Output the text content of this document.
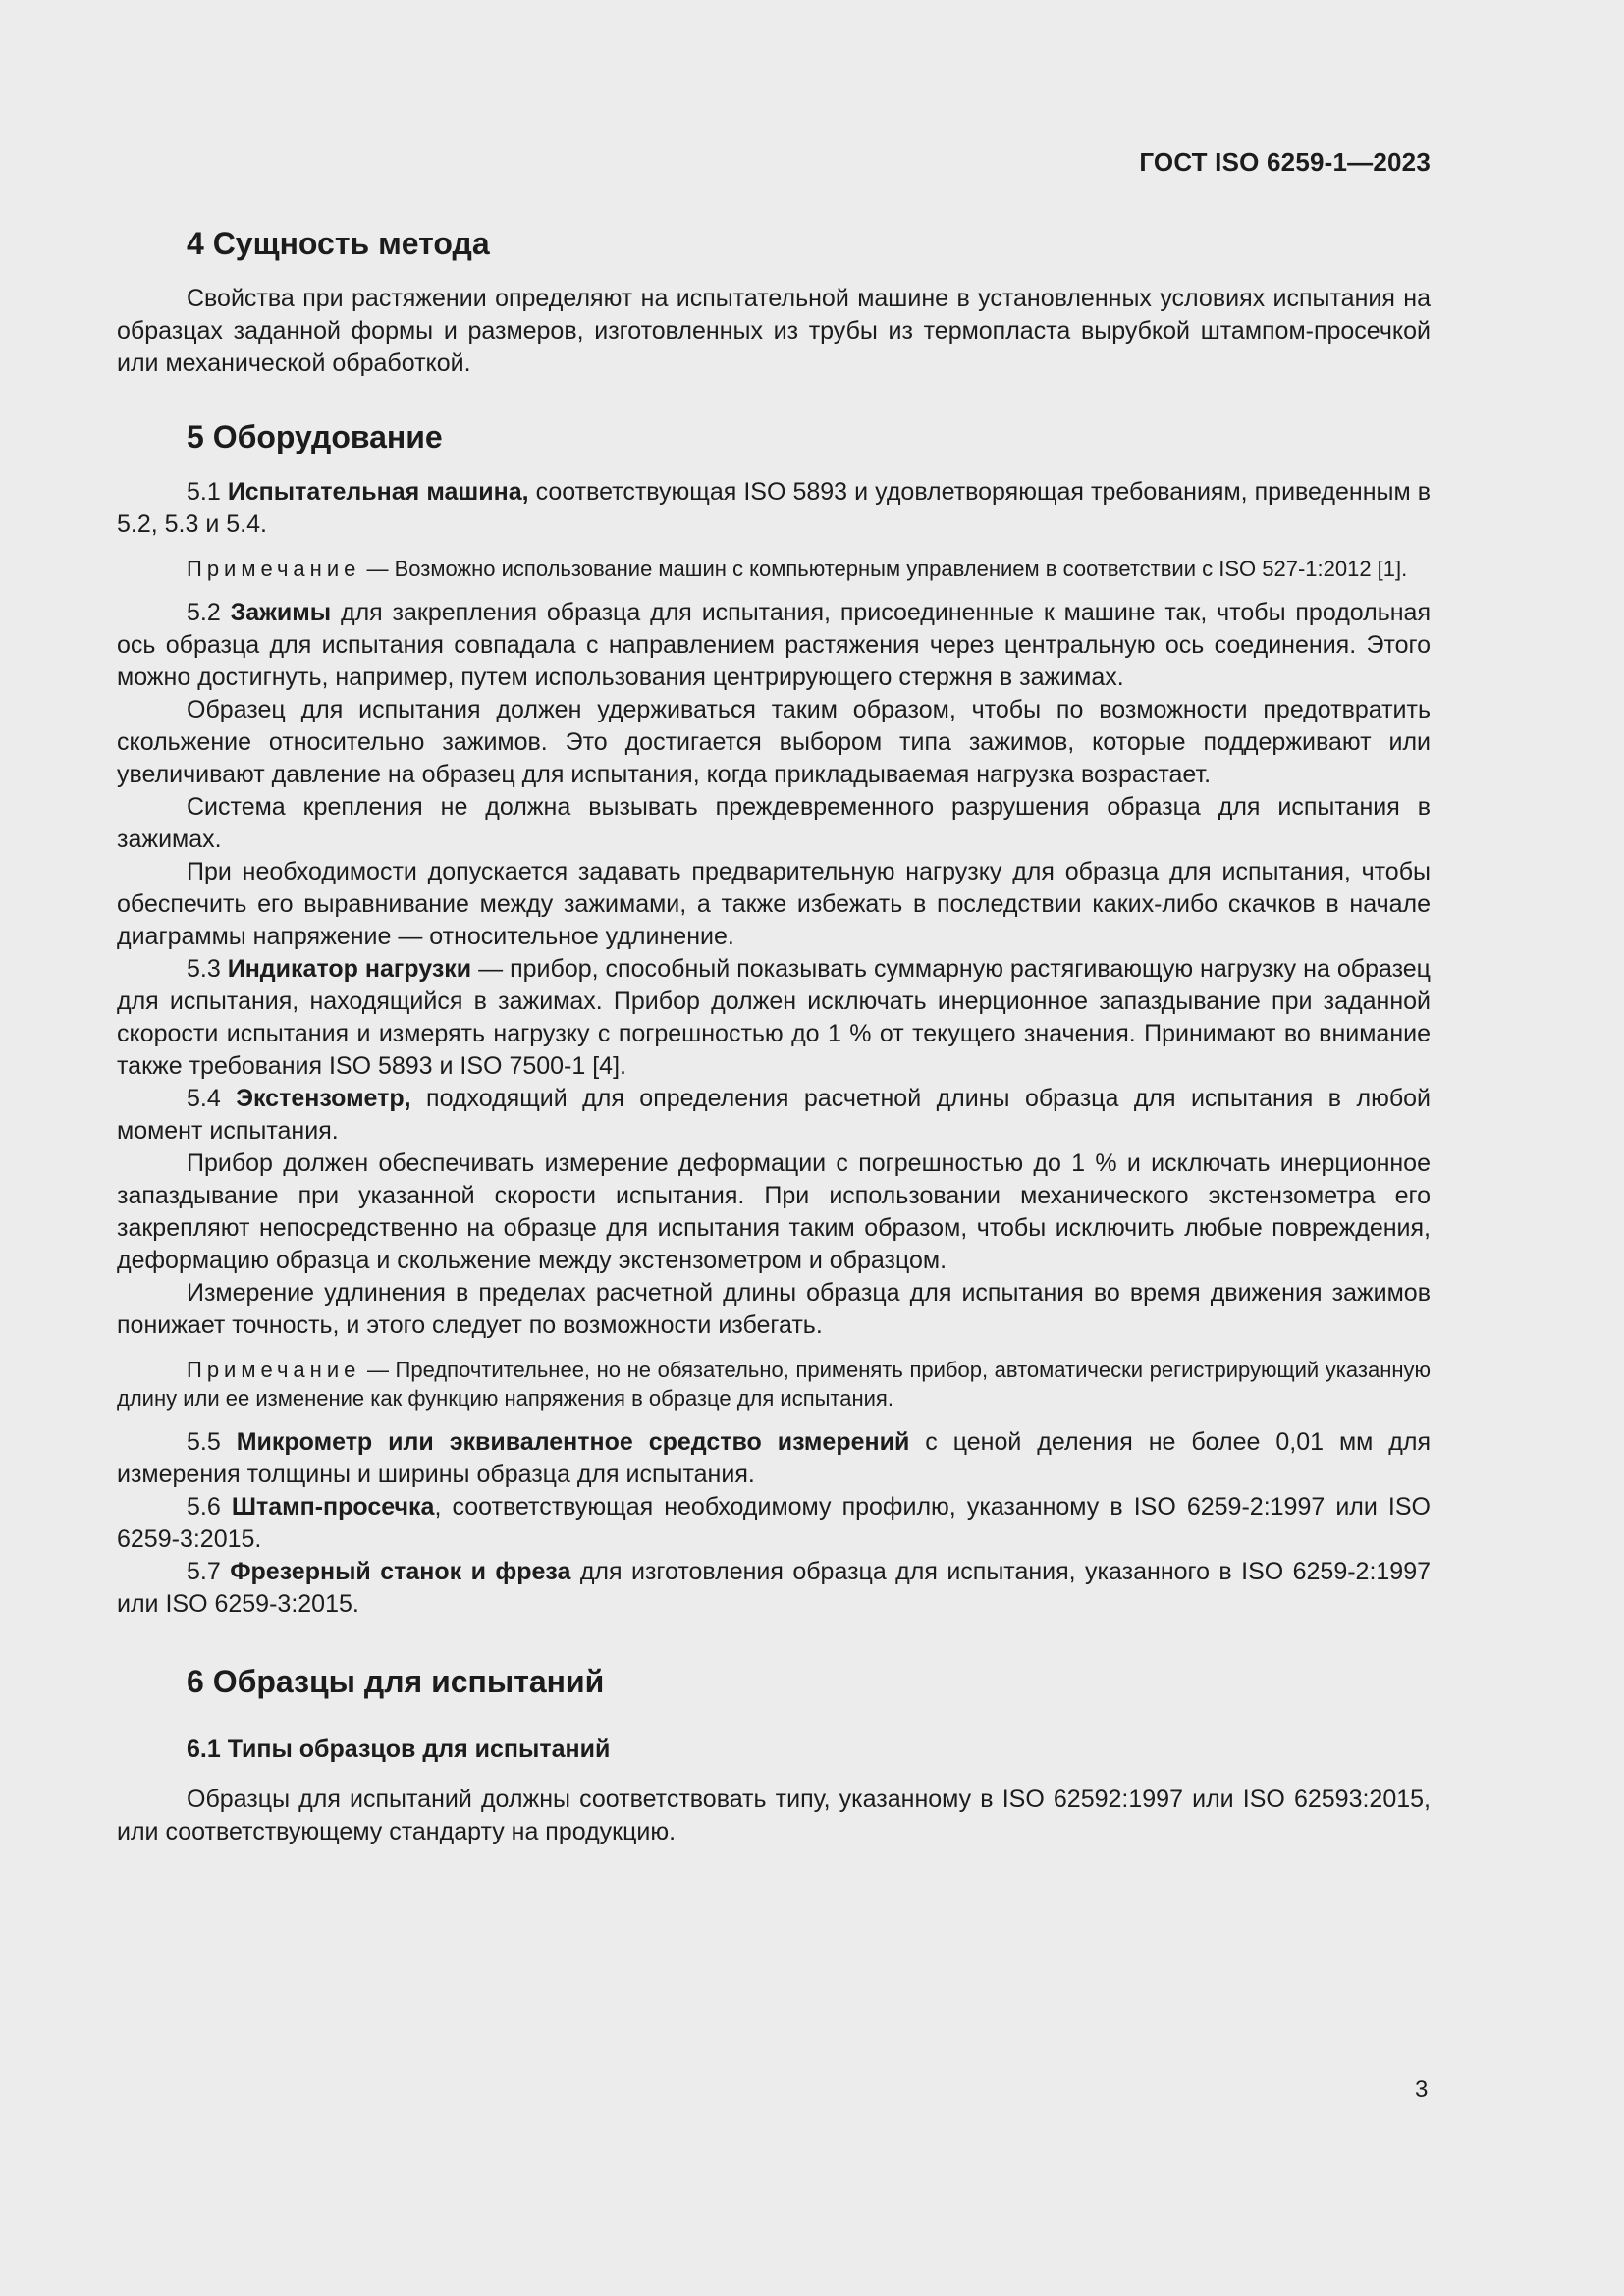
ГОСТ ISO 6259-1—2023
4 Сущность метода

Свойства при растяжении определяют на испытательной машине в установленных условиях испытания на образцах заданной формы и размеров, изготовленных из трубы из термопласта вырубкой штампом-просечкой или механической обработкой.

5 Оборудование

5.1 Испытательная машина, соответствующая ISO 5893 и удовлетворяющая требованиям, приведенным в 5.2, 5.3 и 5.4.

Примечание — Возможно использование машин с компьютерным управлением в соответствии с ISO 527-1:2012 [1].

5.2 Зажимы для закрепления образца для испытания, присоединенные к машине так, чтобы продольная ось образца для испытания совпадала с направлением растяжения через центральную ось соединения. Этого можно достигнуть, например, путем использования центрирующего стержня в зажимах.

Образец для испытания должен удерживаться таким образом, чтобы по возможности предотвратить скольжение относительно зажимов. Это достигается выбором типа зажимов, которые поддерживают или увеличивают давление на образец для испытания, когда прикладываемая нагрузка возрастает.

Система крепления не должна вызывать преждевременного разрушения образца для испытания в зажимах.

При необходимости допускается задавать предварительную нагрузку для образца для испытания, чтобы обеспечить его выравнивание между зажимами, а также избежать в последствии каких-либо скачков в начале диаграммы напряжение — относительное удлинение.

5.3 Индикатор нагрузки — прибор, способный показывать суммарную растягивающую нагрузку на образец для испытания, находящийся в зажимах. Прибор должен исключать инерционное запаздывание при заданной скорости испытания и измерять нагрузку с погрешностью до 1 % от текущего значения. Принимают во внимание также требования ISO 5893 и ISO 7500-1 [4].

5.4 Экстензометр, подходящий для определения расчетной длины образца для испытания в любой момент испытания.

Прибор должен обеспечивать измерение деформации с погрешностью до 1 % и исключать инерционное запаздывание при указанной скорости испытания. При использовании механического экстензометра его закрепляют непосредственно на образце для испытания таким образом, чтобы исключить любые повреждения, деформацию образца и скольжение между экстензометром и образцом.

Измерение удлинения в пределах расчетной длины образца для испытания во время движения зажимов понижает точность, и этого следует по возможности избегать.

Примечание — Предпочтительнее, но не обязательно, применять прибор, автоматически регистрирующий указанную длину или ее изменение как функцию напряжения в образце для испытания.

5.5 Микрометр или эквивалентное средство измерений с ценой деления не более 0,01 мм для измерения толщины и ширины образца для испытания.

5.6 Штамп-просечка, соответствующая необходимому профилю, указанному в ISO 6259-2:1997 или ISO 6259-3:2015.

5.7 Фрезерный станок и фреза для изготовления образца для испытания, указанного в ISO 6259-2:1997 или ISO 6259-3:2015.

6 Образцы для испытаний
6.1 Типы образцов для испытаний

Образцы для испытаний должны соответствовать типу, указанному в ISO 62592:1997 или ISO 62593:2015, или соответствующему стандарту на продукцию.

3
